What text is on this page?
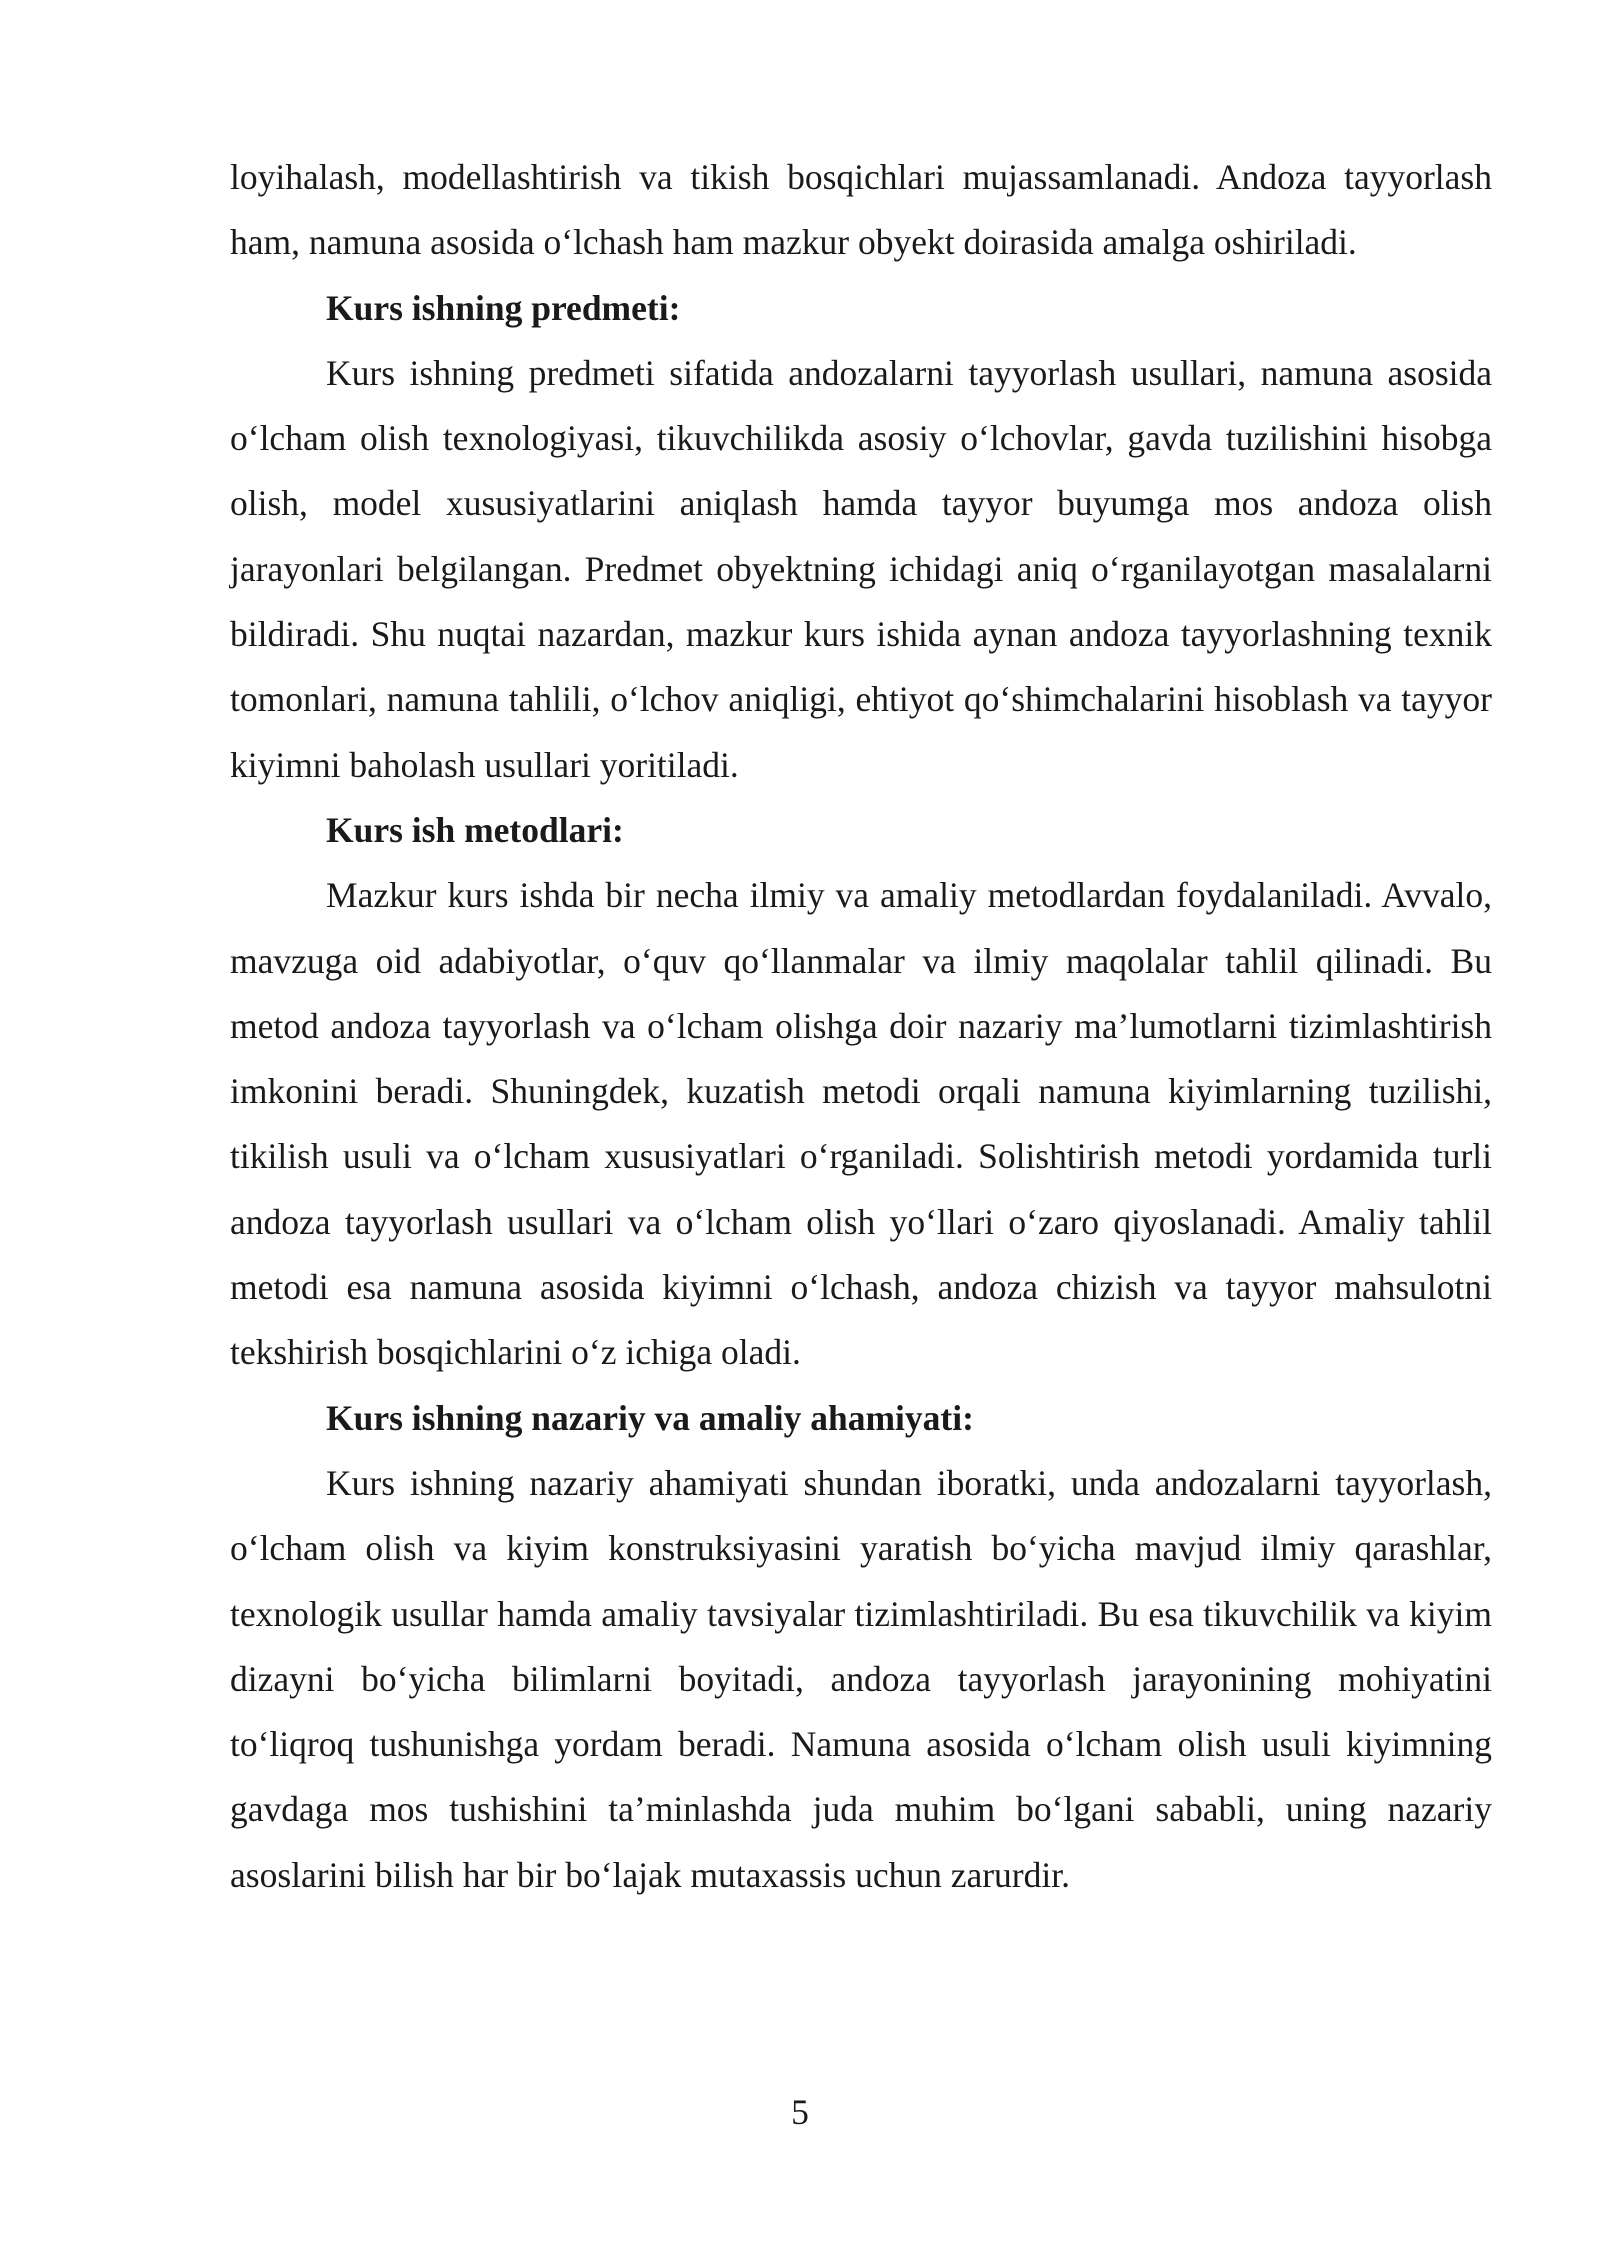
loyihalash, modellashtirish va tikish bosqichlari mujassamlanadi. Andoza tayyorlash ham, namuna asosida o‘lchash ham mazkur obyekt doirasida amalga oshiriladi.

Kurs ishning predmeti:

Kurs ishning predmeti sifatida andozalarni tayyorlash usullari, namuna asosida o‘lcham olish texnologiyasi, tikuvchilikda asosiy o‘lchovlar, gavda tuzilishini hisobga olish, model xususiyatlarini aniqlash hamda tayyor buyumga mos andoza olish jarayonlari belgilangan. Predmet obyektning ichidagi aniq o‘rganilayotgan masalalarni bildiradi. Shu nuqtai nazardan, mazkur kurs ishida aynan andoza tayyorlashning texnik tomonlari, namuna tahlili, o‘lchov aniqligi, ehtiyot qo‘shimchalarini hisoblash va tayyor kiyimni baholash usullari yoritiladi.

Kurs ish metodlari:

Mazkur kurs ishda bir necha ilmiy va amaliy metodlardan foydalaniladi. Avvalo, mavzuga oid adabiyotlar, o‘quv qo‘llanmalar va ilmiy maqolalar tahlil qilinadi. Bu metod andoza tayyorlash va o‘lcham olishga doir nazariy ma’lumotlarni tizimlashtirish imkonini beradi. Shuningdek, kuzatish metodi orqali namuna kiyimlarning tuzilishi, tikilish usuli va o‘lcham xususiyatlari o‘rganiladi. Solishtirish metodi yordamida turli andoza tayyorlash usullari va o‘lcham olish yo‘llari o‘zaro qiyoslanadi. Amaliy tahlil metodi esa namuna asosida kiyimni o‘lchash, andoza chizish va tayyor mahsulotni tekshirish bosqichlarini o‘z ichiga oladi.

Kurs ishning nazariy va amaliy ahamiyati:

Kurs ishning nazariy ahamiyati shundan iboratki, unda andozalarni tayyorlash, o‘lcham olish va kiyim konstruksiyasini yaratish bo‘yicha mavjud ilmiy qarashlar, texnologik usullar hamda amaliy tavsiyalar tizimlashtiriladi. Bu esa tikuvchilik va kiyim dizayni bo‘yicha bilimlarni boyitadi, andoza tayyorlash jarayonining mohiyatini to‘liqroq tushunishga yordam beradi. Namuna asosida o‘lcham olish usuli kiyimning gavdaga mos tushishini ta’minlashda juda muhim bo‘lgani sababli, uning nazariy asoslarini bilish har bir bo‘lajak mutaxassis uchun zarurdir.

5
